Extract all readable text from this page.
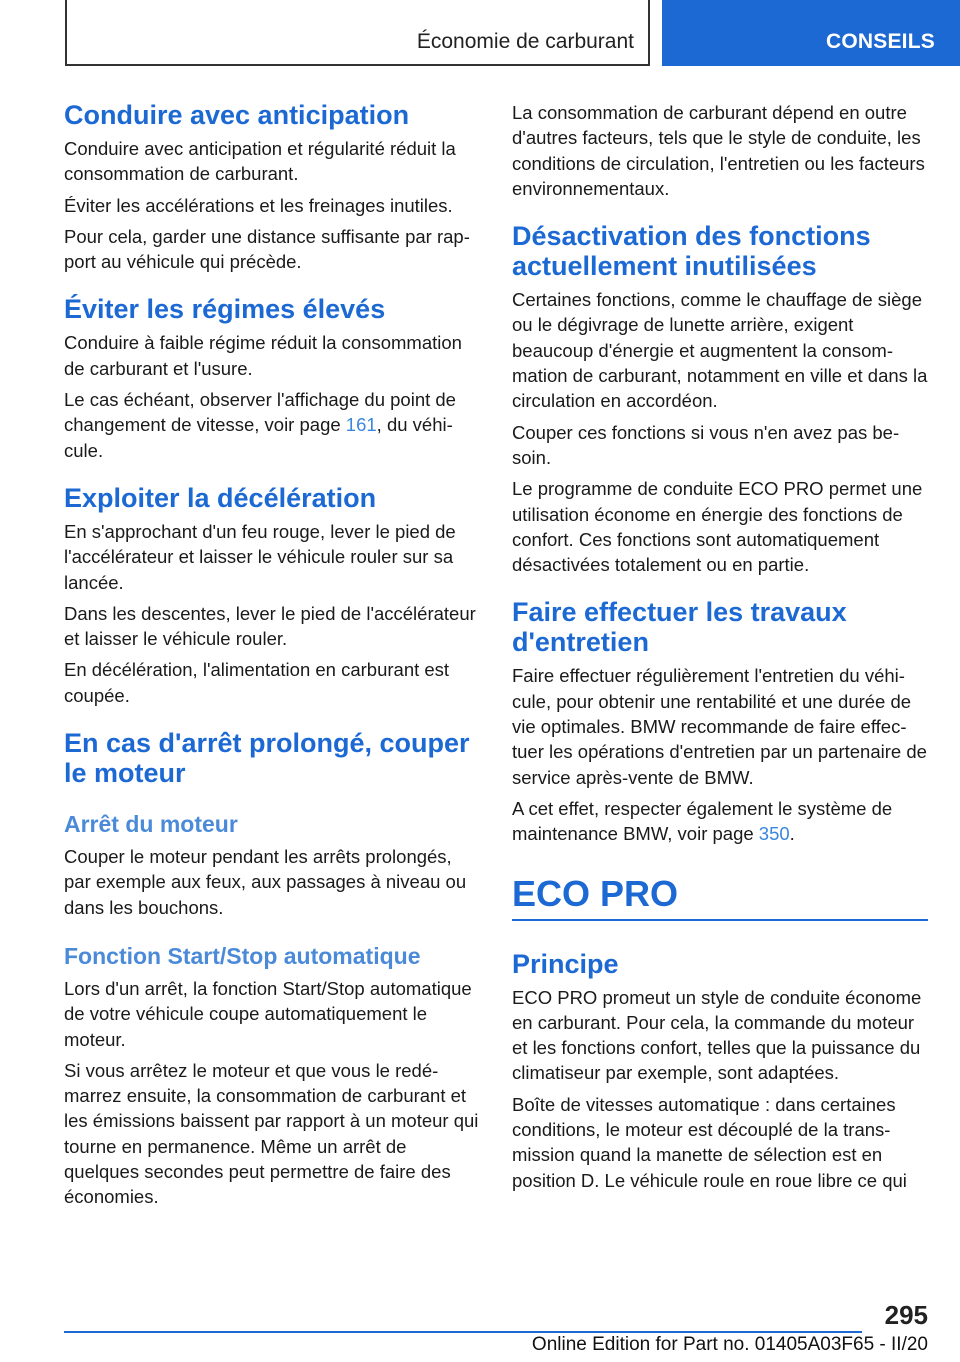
Économie de carburant	CONSEILS
Conduire avec anticipation

Conduire avec anticipation et régularité réduit la consommation de carburant.

Éviter les accélérations et les freinages inutiles.

Pour cela, garder une distance suffisante par rapport au véhicule qui précède.

Éviter les régimes élevés

Conduire à faible régime réduit la consommation de carburant et l'usure.

Le cas échéant, observer l'affichage du point de changement de vitesse, voir page 161, du véhicule.

Exploiter la décélération

En s'approchant d'un feu rouge, lever le pied de l'accélérateur et laisser le véhicule rouler sur sa lancée.

Dans les descentes, lever le pied de l'accélérateur et laisser le véhicule rouler.

En décélération, l'alimentation en carburant est coupée.

En cas d'arrêt prolongé, couper le moteur
Arrêt du moteur

Couper le moteur pendant les arrêts prolongés, par exemple aux feux, aux passages à niveau ou dans les bouchons.

Fonction Start/Stop automatique

Lors d'un arrêt, la fonction Start/Stop automatique de votre véhicule coupe automatiquement le moteur.

Si vous arrêtez le moteur et que vous le redémarrez ensuite, la consommation de carburant et les émissions baissent par rapport à un moteur qui tourne en permanence. Même un arrêt de quelques secondes peut permettre de faire des économies.

La consommation de carburant dépend en outre d'autres facteurs, tels que le style de conduite, les conditions de circulation, l'entretien ou les facteurs environnementaux.

Désactivation des fonctions actuellement inutilisées

Certaines fonctions, comme le chauffage de siège ou le dégivrage de lunette arrière, exigent beaucoup d'énergie et augmentent la consommation de carburant, notamment en ville et dans la circulation en accordéon.

Couper ces fonctions si vous n'en avez pas besoin.

Le programme de conduite ECO PRO permet une utilisation économe en énergie des fonctions de confort. Ces fonctions sont automatiquement désactivées totalement ou en partie.

Faire effectuer les travaux d'entretien

Faire effectuer régulièrement l'entretien du véhicule, pour obtenir une rentabilité et une durée de vie optimales. BMW recommande de faire effectuer les opérations d'entretien par un partenaire de service après-vente de BMW.

A cet effet, respecter également le système de maintenance BMW, voir page 350.

ECO PRO
Principe

ECO PRO promeut un style de conduite économe en carburant. Pour cela, la commande du moteur et les fonctions confort, telles que la puissance du climatiseur par exemple, sont adaptées.

Boîte de vitesses automatique : dans certaines conditions, le moteur est découplé de la transmission quand la manette de sélection est en position D. Le véhicule roule en roue libre ce qui

295
Online Edition for Part no. 01405A03F65 - II/20
